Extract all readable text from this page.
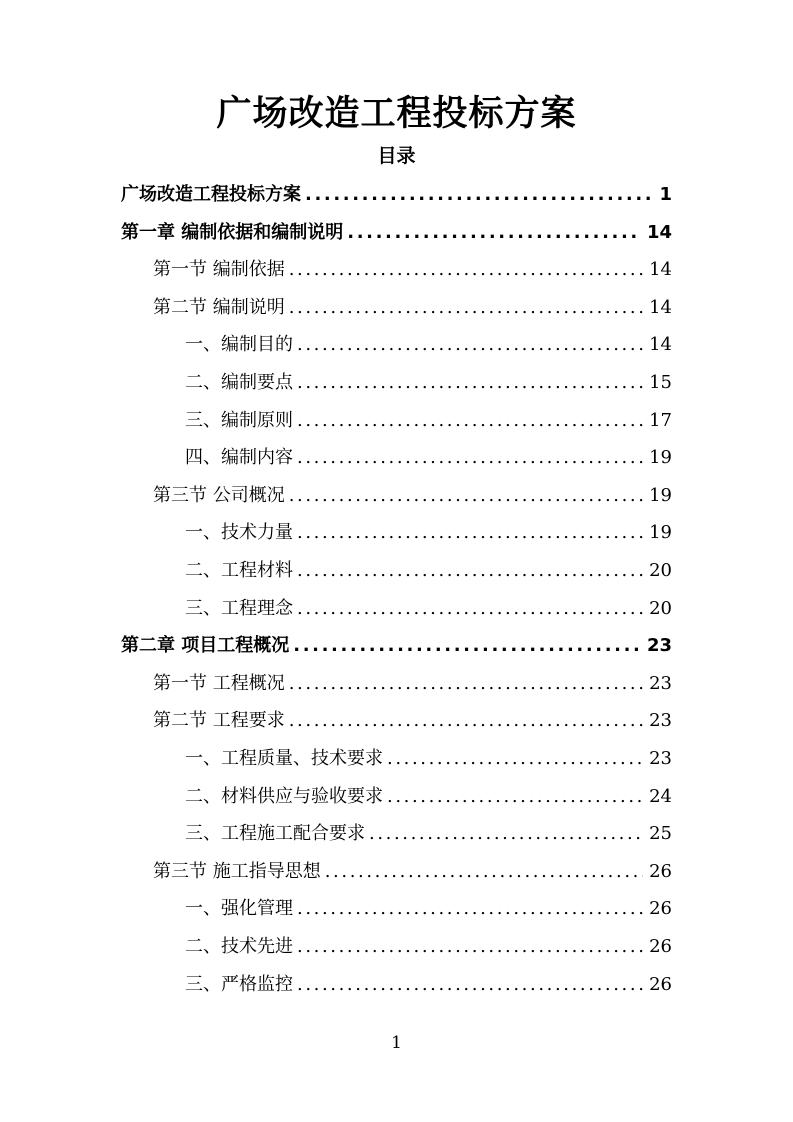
广场改造工程投标方案
目录
广场改造工程投标方案 .....	1
第一章 编制依据和编制说明 .....	14
第一节 编制依据 .....	14
第二节 编制说明 .....	14
一、编制目的 .....	14
二、编制要点 .....	15
三、编制原则 .....	17
四、编制内容 .....	19
第三节 公司概况 .....	19
一、技术力量 .....	19
二、工程材料 .....	20
三、工程理念 .....	20
第二章 项目工程概况 .....	23
第一节 工程概况 .....	23
第二节 工程要求 .....	23
一、工程质量、技术要求 .....	23
二、材料供应与验收要求 .....	24
三、工程施工配合要求 .....	25
第三节 施工指导思想 .....	26
一、强化管理 .....	26
二、技术先进 .....	26
三、严格监控 .....	26
1
